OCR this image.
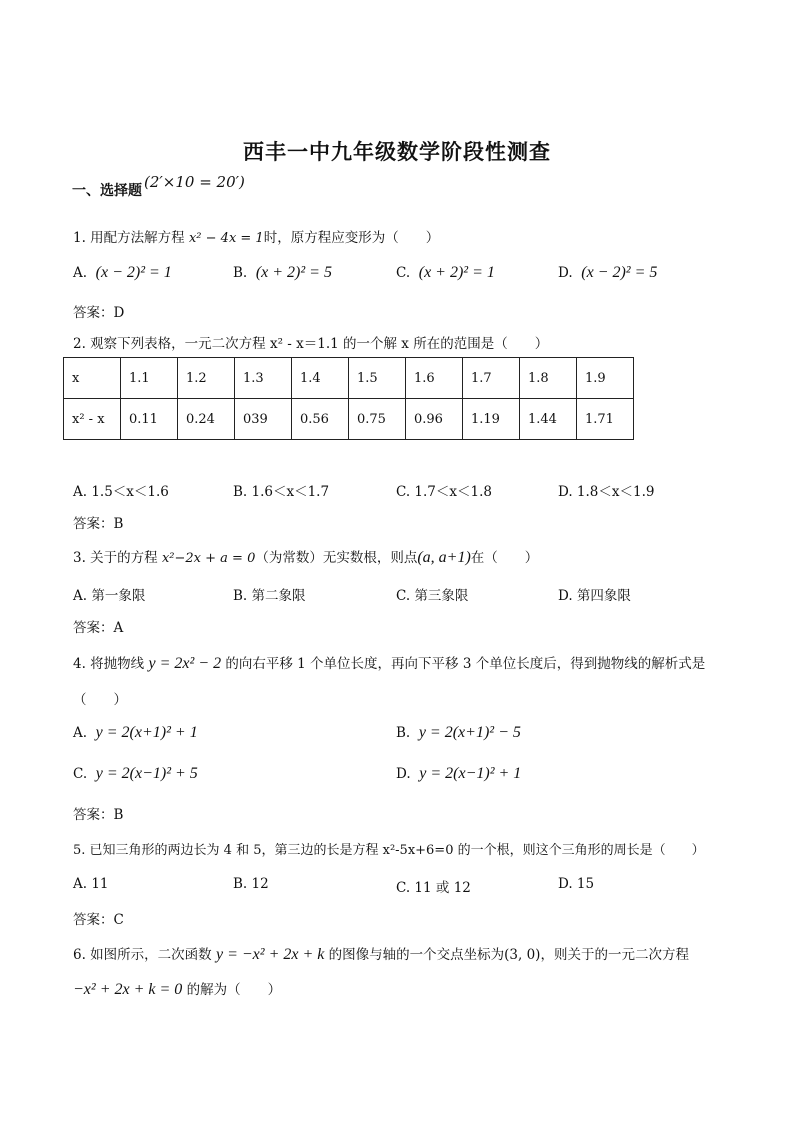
西丰一中九年级数学阶段性测查
一、选择题 (2′×10 = 20′)
1. 用配方法解方程 x² − 4x = 1时，原方程应变形为（　　）
A. (x − 2)² = 1	B. (x + 2)² = 5	C. (x + 2)² = 1	D. (x − 2)² = 5
答案：D
2. 观察下列表格，一元二次方程 x² - x＝1.1 的一个解 x 所在的范围是（　　）
x	1.1	1.2	1.3	1.4	1.5	1.6	1.7	1.8	1.9
x² - x	0.11	0.24	039	0.56	0.75	0.96	1.19	1.44	1.71
A. 1.5＜x＜1.6	B. 1.6＜x＜1.7	C. 1.7＜x＜1.8	D. 1.8＜x＜1.9
答案：B
3. 关于的方程 x²−2x + a = 0（为常数）无实数根，则点(a, a+1)在（　　）
A. 第一象限	B. 第二象限	C. 第三象限	D. 第四象限
答案：A
4. 将抛物线 y = 2x² − 2 的向右平移 1 个单位长度，再向下平移 3 个单位长度后，得到抛物线的解析式是
（　　）
A. y = 2(x+1)² + 1	B. y = 2(x+1)² − 5
C. y = 2(x−1)² + 5	D. y = 2(x−1)² + 1
答案：B
5. 已知三角形的两边长为 4 和 5，第三边的长是方程 x²-5x+6=0 的一个根，则这个三角形的周长是（　　）
A. 11	B. 12	C. 11 或 12	D. 15
答案：C
6. 如图所示，二次函数 y = −x² + 2x + k 的图像与轴的一个交点坐标为(3, 0)，则关于的一元二次方程
−x² + 2x + k = 0 的解为（　　）
